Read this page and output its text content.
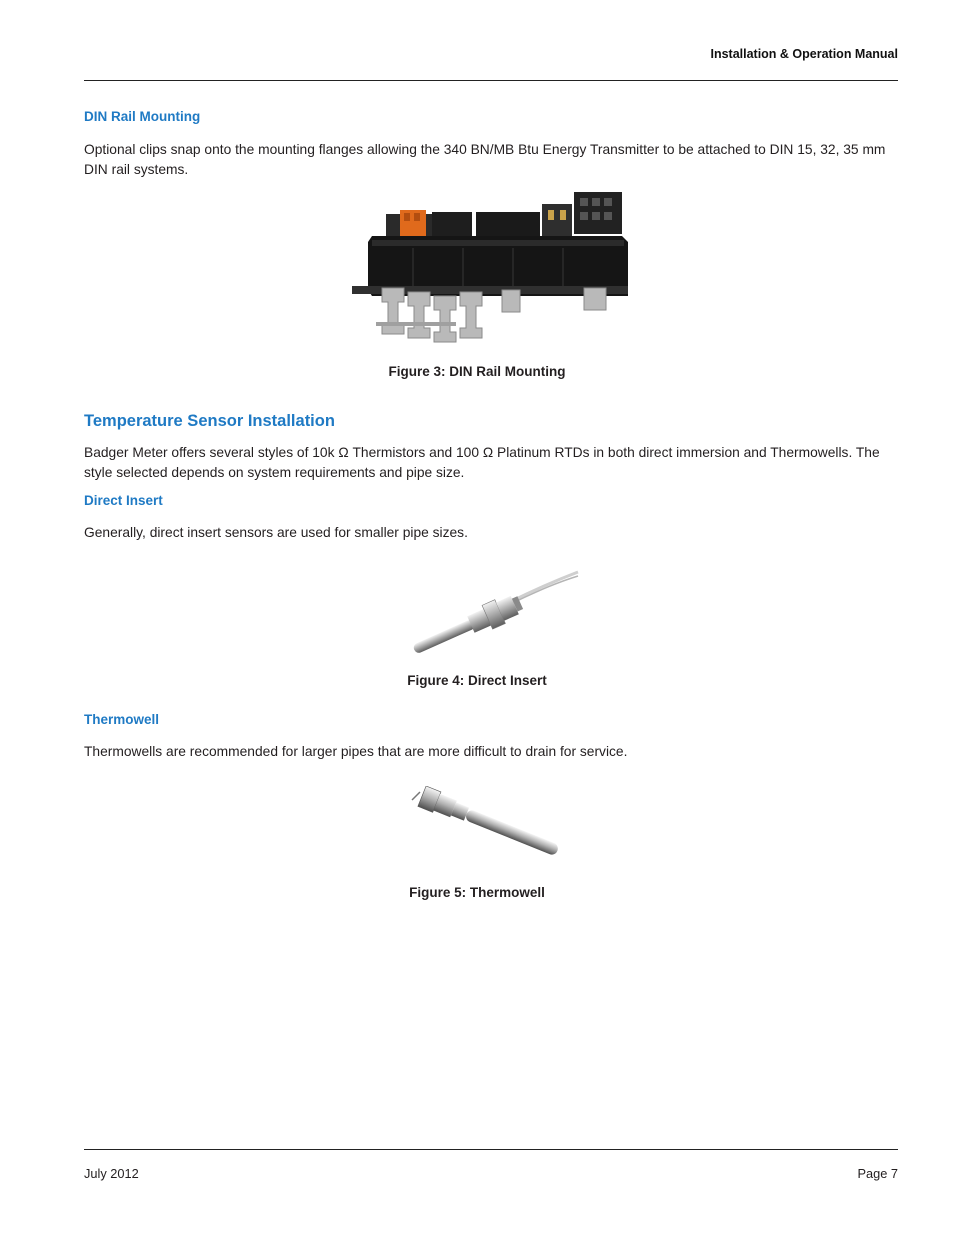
Installation & Operation Manual
DIN Rail Mounting
Optional clips snap onto the mounting flanges allowing the 340 BN/MB Btu Energy Transmitter to be attached to DIN 15, 32, 35 mm DIN rail systems.
Figure 3: DIN Rail Mounting
Temperature Sensor Installation
Badger Meter offers several styles of 10k Ω Thermistors and 100 Ω Platinum RTDs in both direct immersion and Thermowells. The style selected depends on system requirements and pipe size.
Direct Insert
Generally, direct insert sensors are used for smaller pipe sizes.
Figure 4: Direct Insert
Thermowell
Thermowells are recommended for larger pipes that are more difficult to drain for service.
Figure 5: Thermowell
July 2012	Page 7
